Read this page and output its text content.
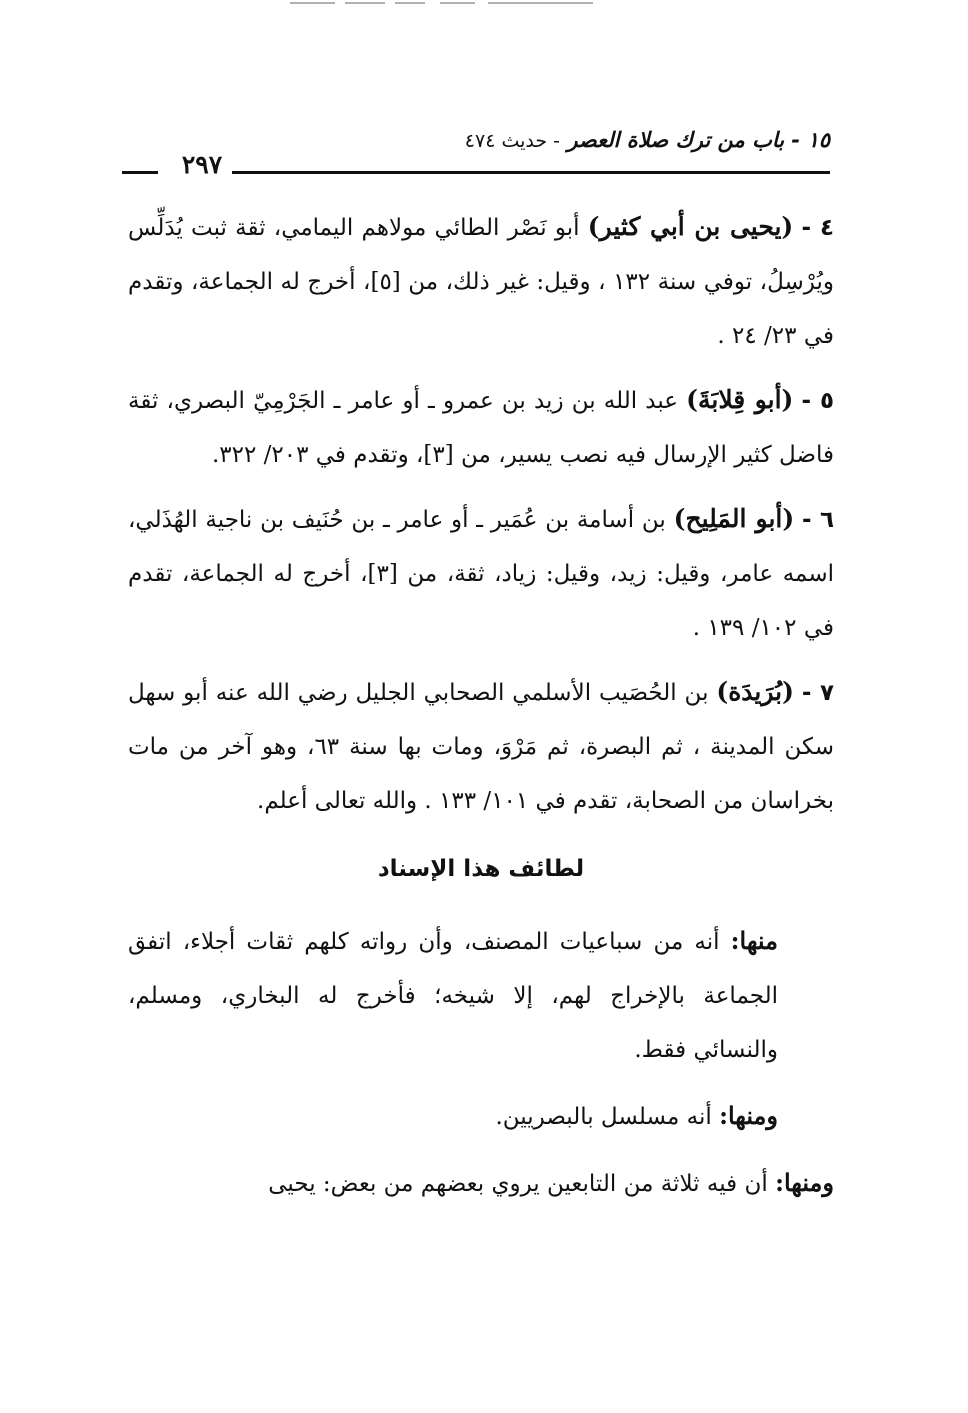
١٥ - باب من ترك صلاة العصر - حديث ٤٧٤
٢٩٧

٤ - (يحيى بن أبي كثير) أبو نَصْر الطائي مولاهم اليمامي، ثقة ثبت يُدَلِّس ويُرْسِلُ، توفي سنة ١٣٢ ، وقيل: غير ذلك، من [٥]، أخرج له الجماعة، وتقدم في ٢٣/ ٢٤ .

٥ - (أبو قِلابَةَ) عبد الله بن زيد بن عمرو ـ أو عامر ـ الجَرْمِيّ البصري، ثقة فاضل كثير الإرسال فيه نصب يسير، من [٣]، وتقدم في ٢٠٣/ ٣٢٢.

٦ - (أبو المَلِيح) بن أسامة بن عُمَير ـ أو عامر ـ بن حُنَيف بن ناجية الهُذَلي، اسمه عامر، وقيل: زيد، وقيل: زياد، ثقة، من [٣]، أخرج له الجماعة، تقدم في ١٠٢/ ١٣٩ .

٧ - (بُرَيدَة) بن الحُصَيب الأسلمي الصحابي الجليل رضي الله عنه أبو سهل سكن المدينة ، ثم البصرة، ثم مَرْوَ، ومات بها سنة ٦٣، وهو آخر من مات بخراسان من الصحابة، تقدم في ١٠١/ ١٣٣ . والله تعالى أعلم.

لطائف هذا الإسناد

منها: أنه من سباعيات المصنف، وأن رواته كلهم ثقات أجلاء، اتفق الجماعة بالإخراج لهم، إلا شيخه؛ فأخرج له البخاري، ومسلم، والنسائي فقط.

ومنها: أنه مسلسل بالبصريين.

ومنها: أن فيه ثلاثة من التابعين يروي بعضهم من بعض: يحيى
